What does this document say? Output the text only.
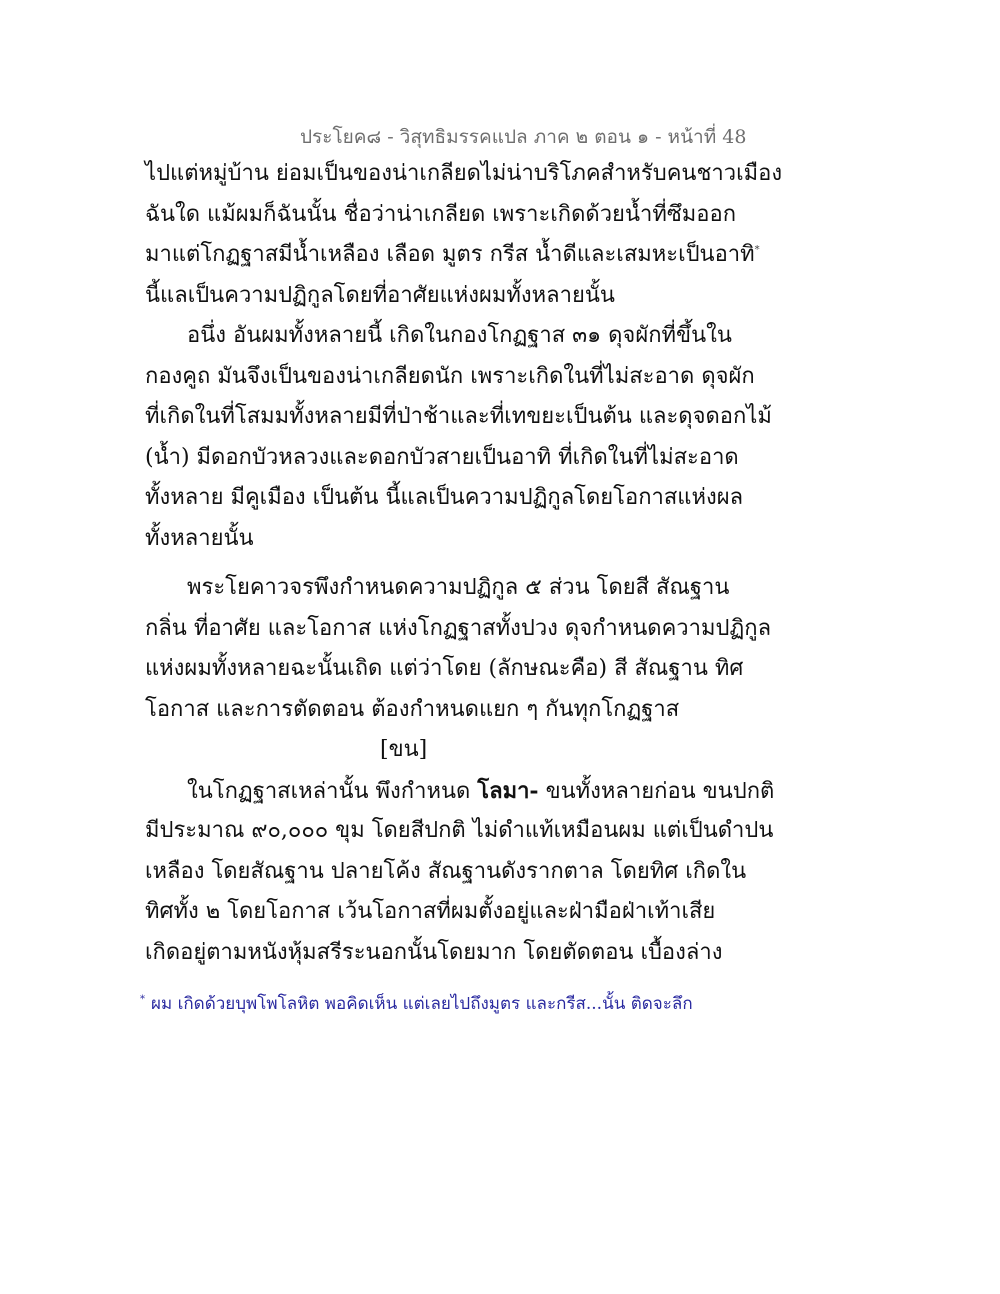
ประโยค๘ - วิสุทธิมรรคแปล ภาค ๒ ตอน ๑ - หน้าที่ 48
ไปแต่หมู่บ้าน ย่อมเป็นของน่าเกลียดไม่น่าบริโภคสำหรับคนชาวเมือง
ฉันใด แม้ผมก็ฉันนั้น ชื่อว่าน่าเกลียด เพราะเกิดด้วยน้ำที่ซึมออก
มาแต่โกฏฐาสมีน้ำเหลือง เลือด มูตร กรีส น้ำดีและเสมหะเป็นอาทิ*
นี้แลเป็นความปฏิกูลโดยที่อาศัยแห่งผมทั้งหลายนั้น
อนึ่ง อันผมทั้งหลายนี้ เกิดในกองโกฏฐาส ๓๑ ดุจผักที่ขึ้นใน
กองคูถ มันจึงเป็นของน่าเกลียดนัก เพราะเกิดในที่ไม่สะอาด ดุจผัก
ที่เกิดในที่โสมมทั้งหลายมีที่ป่าช้าและที่เทขยะเป็นต้น และดุจดอกไม้
(น้ำ) มีดอกบัวหลวงและดอกบัวสายเป็นอาทิ ที่เกิดในที่ไม่สะอาด
ทั้งหลาย มีคูเมือง เป็นต้น นี้แลเป็นความปฏิกูลโดยโอกาสแห่งผล
ทั้งหลายนั้น
พระโยคาวจรพึงกำหนดความปฏิกูล ๕ ส่วน โดยสี สัณฐาน
กลิ่น ที่อาศัย และโอกาส แห่งโกฏฐาสทั้งปวง ดุจกำหนดความปฏิกูล
แห่งผมทั้งหลายฉะนั้นเถิด แต่ว่าโดย (ลักษณะคือ) สี สัณฐาน ทิศ
โอกาส และการตัดตอน ต้องกำหนดแยก ๆ กันทุกโกฏฐาส
[ขน]
ในโกฏฐาสเหล่านั้น พึงกำหนด โลมา- ขนทั้งหลายก่อน ขนปกติ
มีประมาณ ๙๐,๐๐๐ ขุม โดยสีปกติ ไม่ดำแท้เหมือนผม แต่เป็นดำปน
เหลือง โดยสัณฐาน ปลายโค้ง สัณฐานดังรากตาล โดยทิศ เกิดใน
ทิศทั้ง ๒ โดยโอกาส เว้นโอกาสที่ผมตั้งอยู่และฝ่ามือฝ่าเท้าเสีย
เกิดอยู่ตามหนังหุ้มสรีระนอกนั้นโดยมาก โดยตัดตอน เบื้องล่าง
* ผม เกิดด้วยบุพโพโลหิต พอคิดเห็น แต่เลยไปถึงมูตร และกรีส...นั้น ติดจะลึก
